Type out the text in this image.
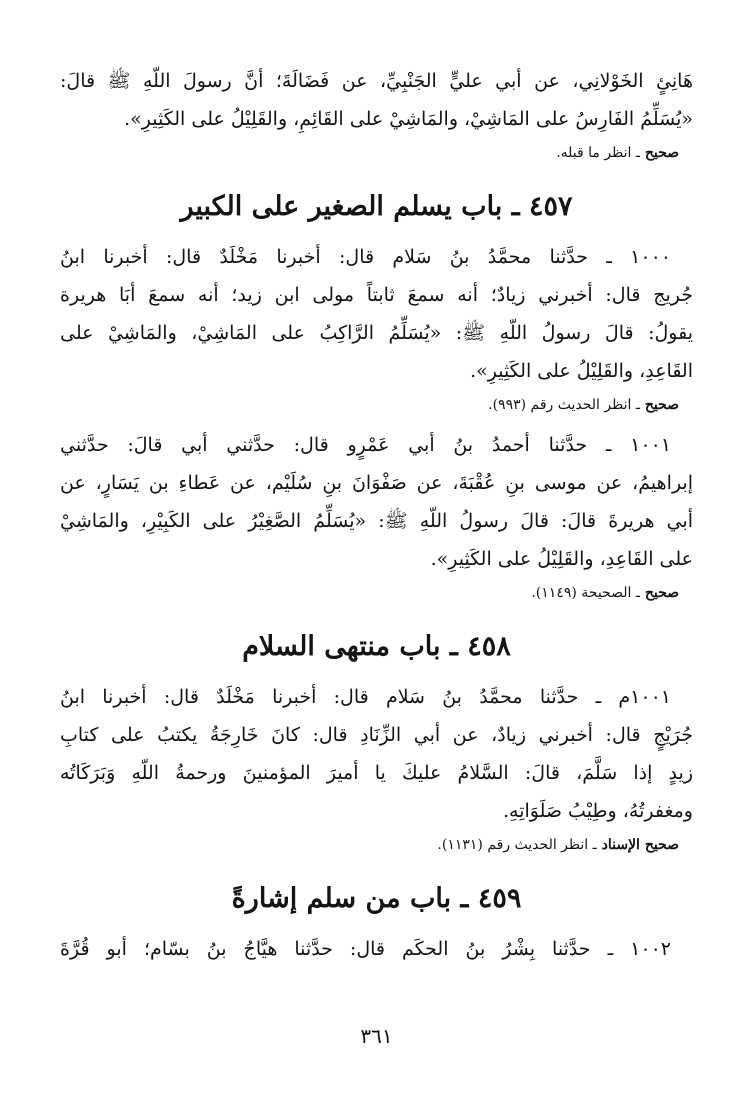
هَانِئٍ الخَوْلانِي، عن أبي عليٍّ الجَنْبِيِّ، عن فَضَالَةَ؛ أنَّ رسولَ اللّهِ ﷺ قالَ:
«يُسَلِّمُ الفَارِسُ على المَاشِيْ، والمَاشِيْ على القَائِمِ، والقَلِيْلُ على الكَثِيرِ».
صحيح ـ انظر ما قبله.
٤٥٧ ـ باب يسلم الصغير على الكبير
١٠٠٠ ـ حدَّثنا محمَّدُ بنُ سَلام قال: أخبرنا مَخْلَدٌ قال: أخبرنا ابنُ
جُريج قال: أخبرني زيادٌ؛ أنه سمعَ ثابتاً مولى ابن زيد؛ أنه سمعَ أبَا هريرة
يقولُ: قالَ رسولُ اللّهِ ﷺ: «يُسَلِّمُ الرَّاكِبُ على المَاشِيْ، والمَاشِيْ على
القَاعِدِ، والقَلِيْلُ على الكَثِيرِ».
صحيح ـ انظر الحديث رقم (٩٩٣).
١٠٠١ ـ حدَّثنا أحمدُ بنُ أبي عَمْرٍو قال: حدَّثني أبي قالَ: حدَّثني
إبراهيمُ، عن موسى بنِ عُقْبَةَ، عن صَفْوَانَ بنِ سُلَيْم، عن عَطاءِ بن يَسَارٍ، عن
أبي هريرةَ قالَ: قالَ رسولُ اللّهِ ﷺ: «يُسَلِّمُ الصَّغِيْرُ على الكَبِيْرِ، والمَاشِيْ
على القَاعِدِ، والقَلِيْلُ على الكَثِيرِ».
صحيح ـ الصحيحة (١١٤٩).
٤٥٨ ـ باب منتهى السلام
١٠٠١م ـ حدَّثنا محمَّدُ بنُ سَلام قال: أخبرنا مَخْلَدٌ قال: أخبرنا ابنُ
جُرَيْجٍ قال: أخبرني زيادٌ، عن أبي الزِّنَادِ قال: كانَ خَارِجَةُ يكتبُ على كتابِ
زيدٍ إذا سَلَّمَ، قالَ: السَّلامُ عليكَ يا أميرَ المؤمنينَ ورحمةُ اللّهِ وَبَرَكَاتُه
ومغفرتُهُ، وطِيْبُ صَلَوَاتِهِ.
صحيح الإسناد ـ انظر الحديث رقم (١١٣١).
٤٥٩ ـ باب من سلم إشارةً
١٠٠٢ ـ حدَّثنا بِشْرُ بنُ الحكَم قال: حدَّثنا هيَّاجُ بنُ بسّام؛ أبو قُرَّةَ
٣٦١
